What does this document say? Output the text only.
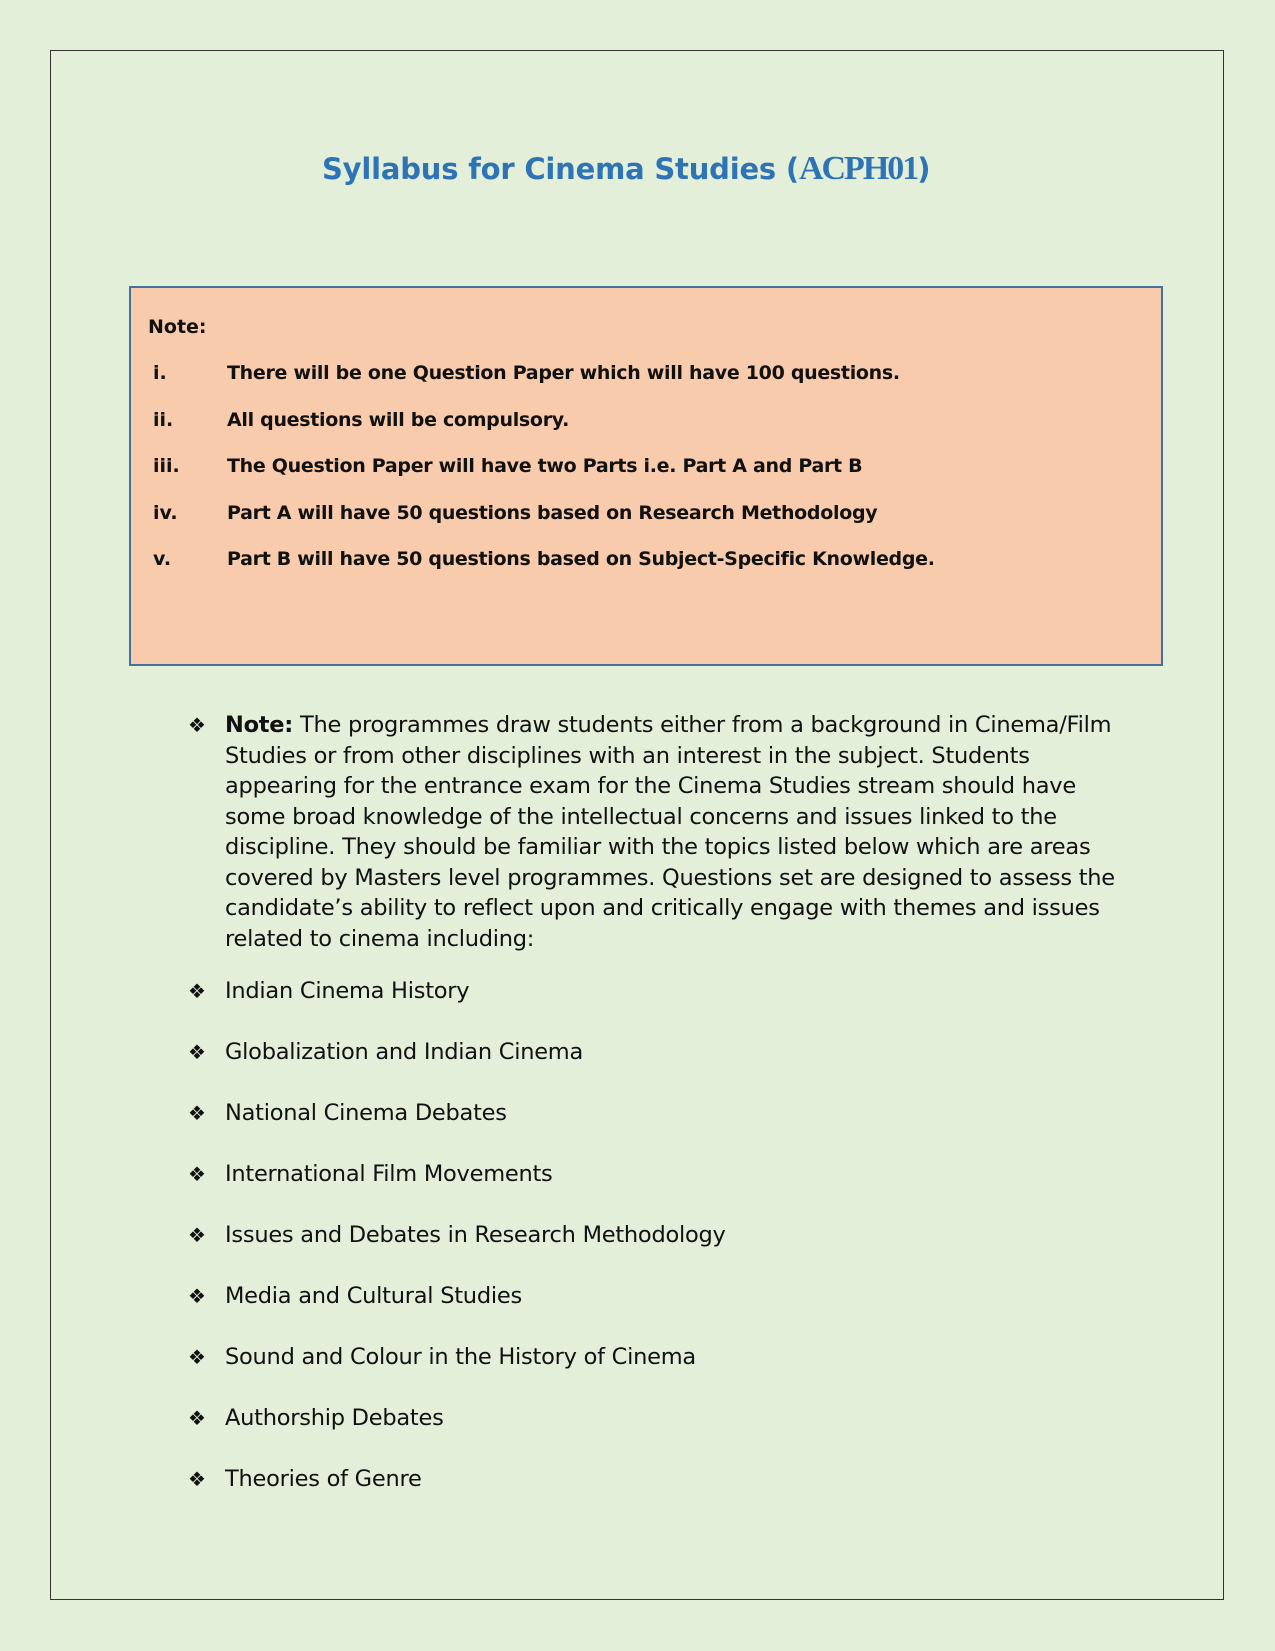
Syllabus for Cinema Studies (ACPH01)
Note:
i.	There will be one Question Paper which will have 100 questions.
ii.	All questions will be compulsory.
iii. The Question Paper will have two Parts i.e. Part A and Part B
iv.	Part A will have 50 questions based on Research Methodology
v.	Part B will have 50 questions based on Subject-Specific Knowledge.
❖ Note: The programmes draw students either from a background in Cinema/Film Studies or from other disciplines with an interest in the subject. Students appearing for the entrance exam for the Cinema Studies stream should have some broad knowledge of the intellectual concerns and issues linked to the discipline. They should be familiar with the topics listed below which are areas covered by Masters level programmes. Questions set are designed to assess the candidate’s ability to reflect upon and critically engage with themes and issues related to cinema including:
❖ Indian Cinema History
❖ Globalization and Indian Cinema
❖ National Cinema Debates
❖ International Film Movements
❖ Issues and Debates in Research Methodology
❖ Media and Cultural Studies
❖ Sound and Colour in the History of Cinema
❖ Authorship Debates
❖ Theories of Genre
